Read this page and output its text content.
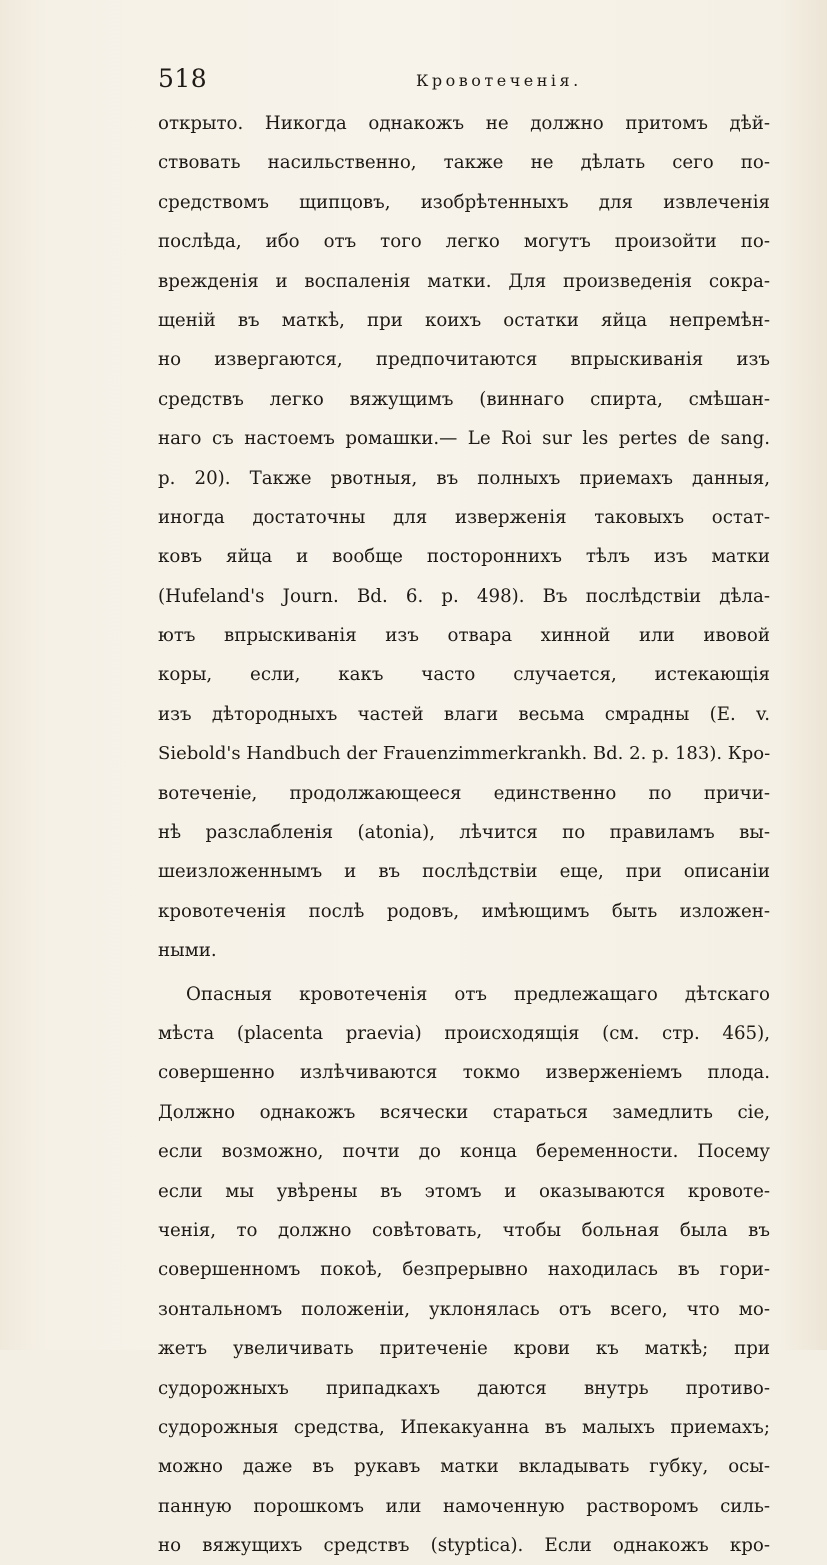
518	Кровотеченія.
открыто. Никогда однакожъ не должно притомъ дѣй-
ствовать насильственно, также не дѣлать сего по-
средствомъ щипцовъ, изобрѣтенныхъ для извлеченія
послѣда, ибо отъ того легко могутъ произойти по-
врежденія и воспаленія матки. Для произведенія сокра-
щеній въ маткѣ, при коихъ остатки яйца непремѣн-
но извергаются, предпочитаются впрыскиванія изъ
средствъ легко вяжущимъ (виннаго спирта, смѣшан-
наго съ настоемъ ромашки.— Le Roi sur les pertes de sang.
p. 20). Также рвотныя, въ полныхъ приемахъ данныя,
иногда достаточны для изверженія таковыхъ остат-
ковъ яйца и вообще постороннихъ тѣлъ изъ матки
(Hufeland's Journ. Bd. 6. p. 498). Въ послѣдствіи дѣла-
ютъ впрыскиванія изъ отвара хинной или ивовой
коры, если, какъ часто случается, истекающія
изъ дѣтородныхъ частей влаги весьма смрадны (E. v.
Siebold's Handbuch der Frauenzimmerkrankh. Bd. 2. p. 183). Кро-
вотеченіе, продолжающееся единственно по причи-
нѣ разслабленія (atonia), лѣчится по правиламъ вы-
шеизложеннымъ и въ послѣдствіи еще, при описаніи
кровотеченія послѣ родовъ, имѣющимъ быть изложен-
ными.
Опасныя кровотеченія отъ предлежащаго дѣтскаго
мѣста (placenta praevia) происходящія (см. стр. 465),
совершенно излѣчиваются токмо изверженіемъ плода.
Должно однакожъ всячески стараться замедлить сіе,
если возможно, почти до конца беременности. Посему
если мы увѣрены въ этомъ и оказываются кровоте-
ченія, то должно совѣтовать, чтобы больная была въ
совершенномъ покоѣ, безпрерывно находилась въ гори-
зонтальномъ положеніи, уклонялась отъ всего, что мо-
жетъ увеличивать притеченіе крови къ маткѣ; при
судорожныхъ припадкахъ даются внутрь противо-
судорожныя средства, Ипекакуанна въ малыхъ приемахъ;
можно даже въ рукавъ матки вкладывать губку, осы-
панную порошкомъ или намоченную растворомъ силь-
но вяжущихъ средствъ (styptica). Если однакожъ кро-
